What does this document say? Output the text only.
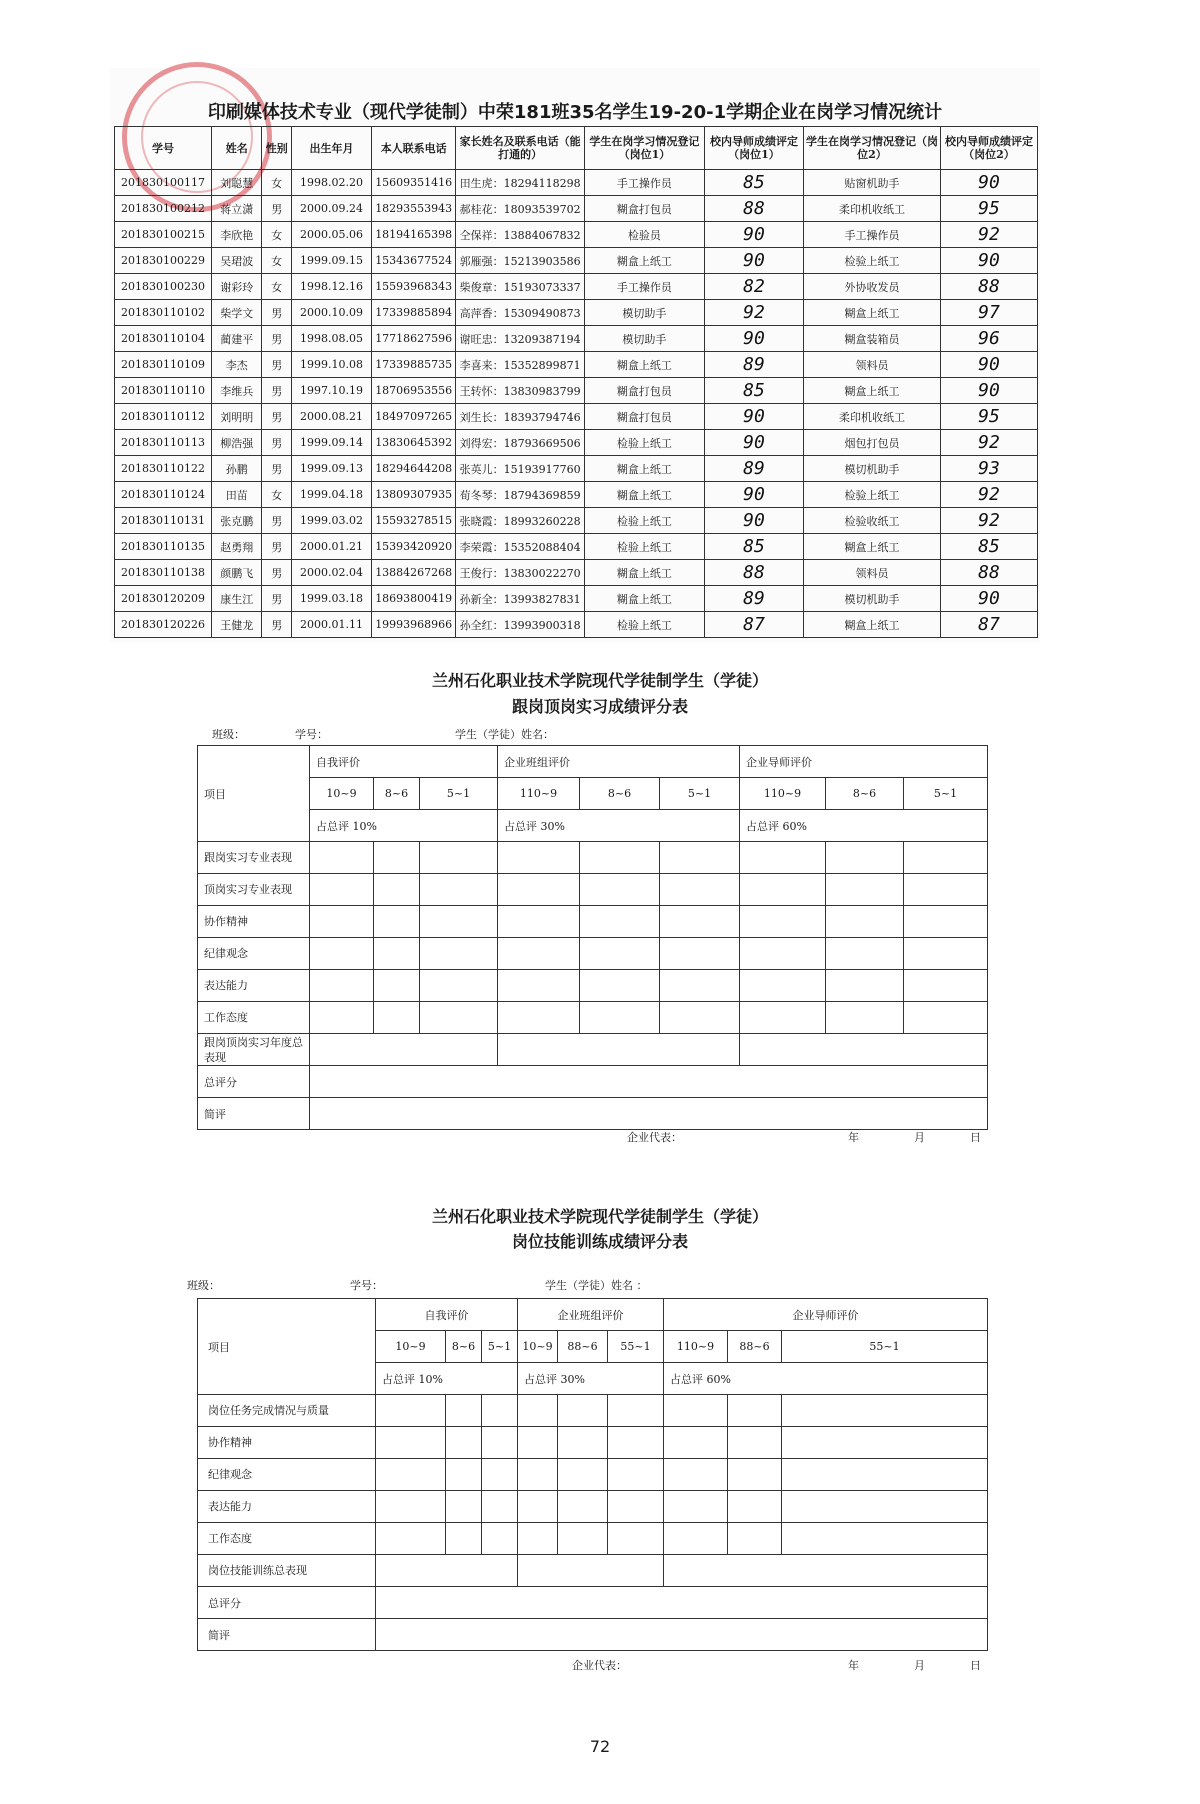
印刷媒体技术专业（现代学徒制）中荣181班35名学生19-20-1学期企业在岗学习情况统计
学号	姓名	性别	出生年月	本人联系电话	家长姓名及联系电话（能打通的）	学生在岗学习情况登记（岗位1）	校内导师成绩评定（岗位1）	学生在岗学习情况登记（岗位2）	校内导师成绩评定（岗位2）
201830100117	刘聪慧	女	1998.02.20	15609351416	田生虎：18294118298	手工操作员	85	贴窗机助手	90
201830100212	蒋立潇	男	2000.09.24	18293553943	郝桂花：18093539702	糊盒打包员	88	柔印机收纸工	95
201830100215	李欣艳	女	2000.05.06	18194165398	仝保祥：13884067832	检验员	90	手工操作员	92
201830100229	吴珺波	女	1999.09.15	15343677524	郭雁强：15213903586	糊盒上纸工	90	检验上纸工	90
201830100230	谢彩玲	女	1998.12.16	15593968343	柴俊章：15193073337	手工操作员	82	外协收发员	88
201830110102	柴学文	男	2000.10.09	17339885894	高萍香：15309490873	模切助手	92	糊盒上纸工	97
201830110104	蔺建平	男	1998.08.05	17718627596	谢旺忠：13209387194	模切助手	90	糊盒装箱员	96
201830110109	李杰	男	1999.10.08	17339885735	李喜来：15352899871	糊盒上纸工	89	领料员	90
201830110110	李维兵	男	1997.10.19	18706953556	王转怀：13830983799	糊盒打包员	85	糊盒上纸工	90
201830110112	刘明明	男	2000.08.21	18497097265	刘生长：18393794746	糊盒打包员	90	柔印机收纸工	95
201830110113	柳浩强	男	1999.09.14	13830645392	刘得宏：18793669506	检验上纸工	90	烟包打包员	92
201830110122	孙鹏	男	1999.09.13	18294644208	张英儿：15193917760	糊盒上纸工	89	模切机助手	93
201830110124	田苗	女	1999.04.18	13809307935	荀冬琴：18794369859	糊盒上纸工	90	检验上纸工	92
201830110131	张克鹏	男	1999.03.02	15593278515	张晓霞：18993260228	检验上纸工	90	检验收纸工	92
201830110135	赵勇翔	男	2000.01.21	15393420920	李荣霞：15352088404	检验上纸工	85	糊盒上纸工	85
201830110138	颜鹏飞	男	2000.02.04	13884267268	王俊行：13830022270	糊盒上纸工	88	领料员	88
201830120209	康生江	男	1999.03.18	18693800419	孙新全：13993827831	糊盒上纸工	89	模切机助手	90
201830120226	王健龙	男	2000.01.11	19993968966	孙全红：13993900318	检验上纸工	87	糊盒上纸工	87
兰州石化职业技术学院现代学徒制学生（学徒）
跟岗顶岗实习成绩评分表
班级：	学号：	学生（学徒）姓名：
项目	自我评价			企业班组评价			企业导师评价		
	10~9	8~6	5~1	110~9	8~6	5~1	110~9	8~6	5~1
	占总评 10%			占总评 30%			占总评 60%		
跟岗实习专业表现									
顶岗实习专业表现									
协作精神									
纪律观念									
表达能力									
工作态度									
跟岗顶岗实习年度总表现									
总评分									
简评									
企业代表：	年	月	日
兰州石化职业技术学院现代学徒制学生（学徒）
岗位技能训练成绩评分表
班级：	学号：	学生（学徒）姓名 ：
项目	自我评价			企业班组评价			企业导师评价		
	10~9	8~6	5~1	10~9	88~6	55~1	110~9	88~6	55~1
	占总评 10%			占总评 30%			占总评 60%		
岗位任务完成情况与质量									
协作精神									
纪律观念									
表达能力									
工作态度									
岗位技能训练总表现									
总评分									
简评									
企业代表：	年	月	日
72
